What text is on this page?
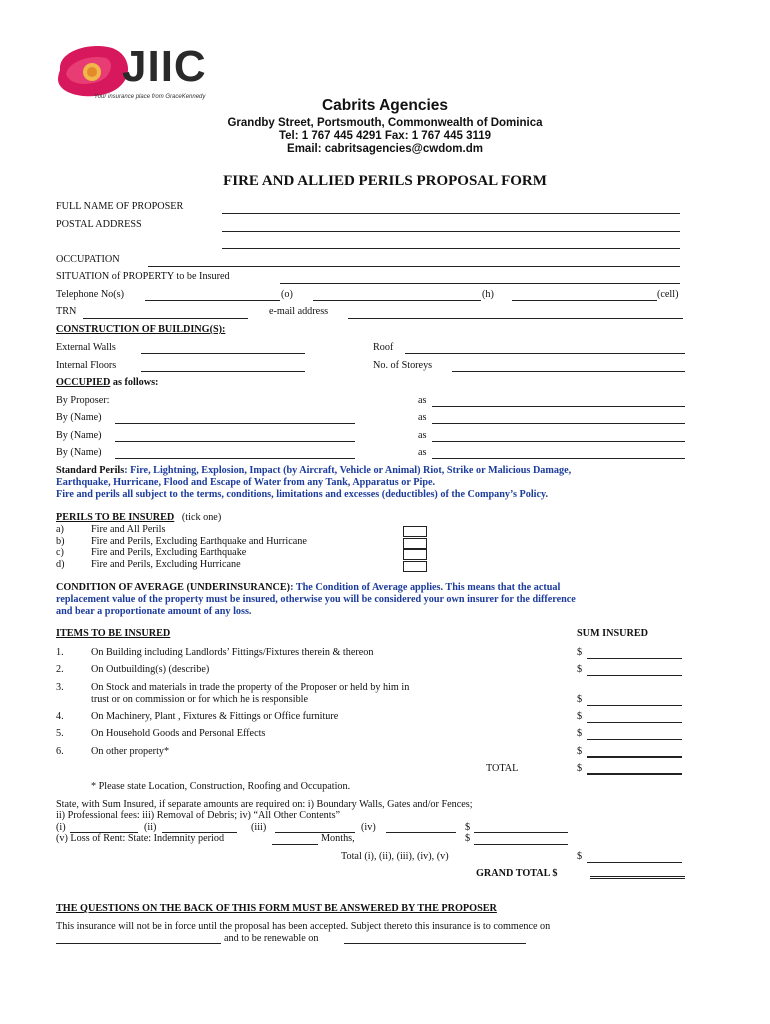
JIIC
Your insurance place from GraceKennedy	Cabrits Agencies
Grandby Street, Portsmouth, Commonwealth of Dominica
Tel: 1 767 445 4291 Fax: 1 767 445 3119
Email: cabritsagencies@cwdom.dm
FIRE AND ALLIED PERILS PROPOSAL FORM
FULL NAME OF PROPOSER
POSTAL ADDRESS
OCCUPATION
SITUATION of PROPERTY to be Insured
Telephone No(s)	(o)	(h)	(cell)
TRN	e-mail address
CONSTRUCTION OF BUILDING(S):
External Walls	Roof
Internal Floors	No. of Storeys
OCCUPIED as follows:
By Proposer:	as
By (Name)	as
By (Name)	as
By (Name)	as
Standard Perils: Fire, Lightning, Explosion, Impact (by Aircraft, Vehicle or Animal) Riot, Strike or Malicious Damage,
Earthquake, Hurricane, Flood and Escape of Water from any Tank, Apparatus or Pipe.
Fire and perils all subject to the terms, conditions, limitations and excesses (deductibles) of the Company’s Policy.
PERILS TO BE INSURED (tick one)
a)	Fire and All Perils
b)	Fire and Perils, Excluding Earthquake and Hurricane
c)	Fire and Perils, Excluding Earthquake
d)	Fire and Perils, Excluding Hurricane
CONDITION OF AVERAGE (UNDERINSURANCE): The Condition of Average applies. This means that the actual
replacement value of the property must be insured, otherwise you will be considered your own insurer for the difference
and bear a proportionate amount of any loss.
ITEMS TO BE INSURED	SUM INSURED
1.	On Building including Landlords’ Fittings/Fixtures therein & thereon	$
2.	On Outbuilding(s) (describe)	$
3.	On Stock and materials in trade the property of the Proposer or held by him in
trust or on commission or for which he is responsible	$
4.	On Machinery, Plant , Fixtures & Fittings or Office furniture	$
5.	On Household Goods and Personal Effects	$
6.	On other property*	$
TOTAL	$
* Please state Location, Construction, Roofing and Occupation.
State, with Sum Insured, if separate amounts are required on: i) Boundary Walls, Gates and/or Fences;
ii) Professional fees: iii) Removal of Debris; iv) “All Other Contents”
(i)	(ii)	(iii)	(iv)	$
(v) Loss of Rent: State: Indemnity period	Months,	$
Total (i), (ii), (iii), (iv), (v)	$
GRAND TOTAL $
THE QUESTIONS ON THE BACK OF THIS FORM MUST BE ANSWERED BY THE PROPOSER
This insurance will not be in force until the proposal has been accepted. Subject thereto this insurance is to commence on
and to be renewable on
